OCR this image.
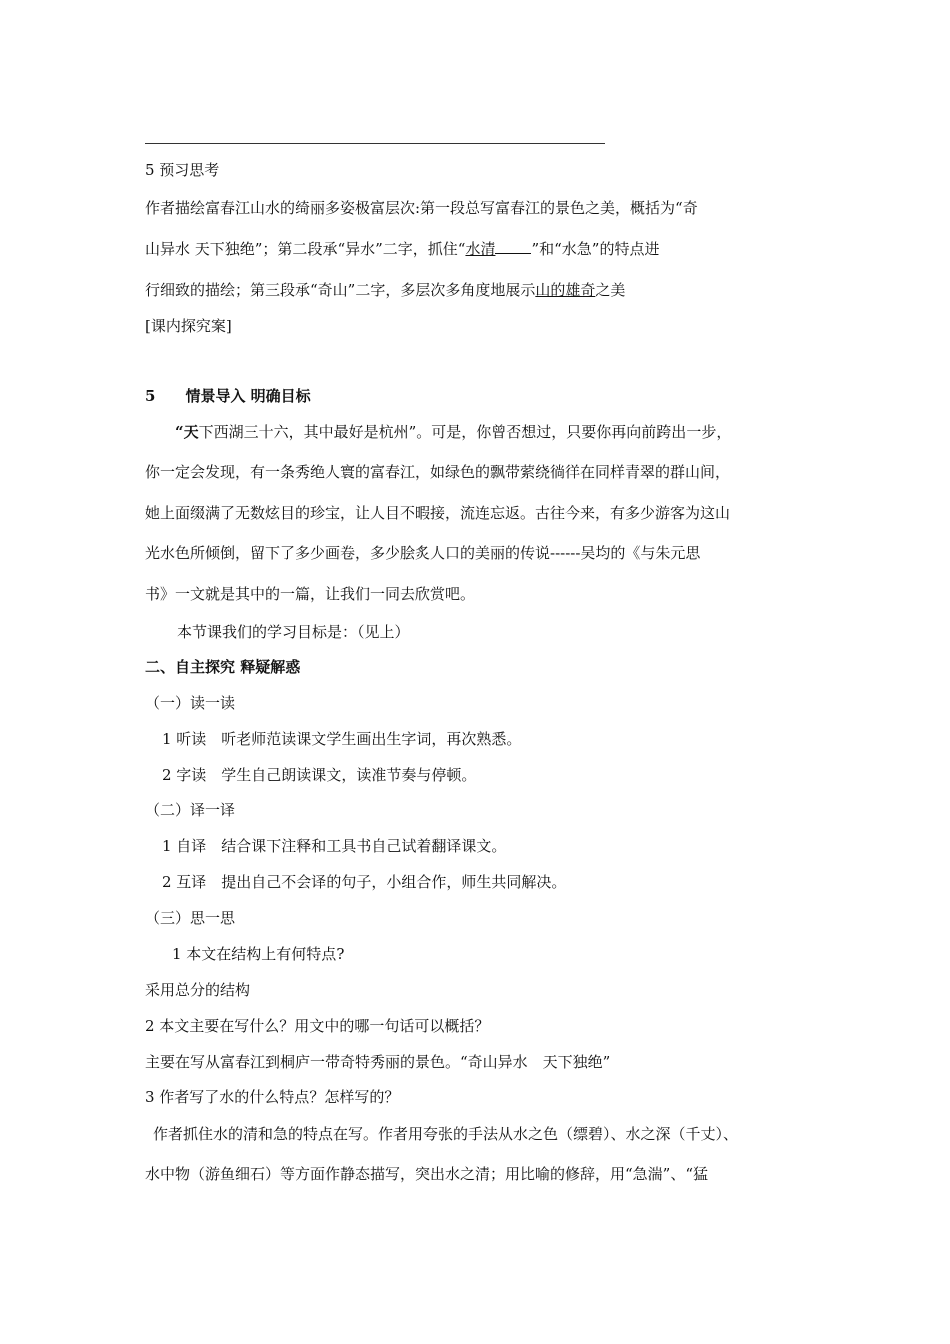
5 预习思考
作者描绘富春江山水的绮丽多姿极富层次:第一段总写富春江的景色之美，概括为“奇
山异水 天下独绝”；第二段承“异水”二字，抓住“水清 ”和“水急”的特点进
行细致的描绘；第三段承“奇山”二字，多层次多角度地展示山的雄奇之美
[课内探究案]
5 情景导入 明确目标
“天下西湖三十六，其中最好是杭州”。可是，你曾否想过，只要你再向前跨出一步，
你一定会发现，有一条秀绝人寰的富春江，如绿色的飘带萦绕徜徉在同样青翠的群山间，
她上面缀满了无数炫目的珍宝，让人目不暇接，流连忘返。古往今来，有多少游客为这山
光水色所倾倒，留下了多少画卷，多少脍炙人口的美丽的传说------吴均的《与朱元思
书》一文就是其中的一篇，让我们一同去欣赏吧。
本节课我们的学习目标是：（见上）
二、自主探究 释疑解惑
（一）读一读
1 听读　听老师范读课文学生画出生字词，再次熟悉。
2 字读　学生自己朗读课文，读准节奏与停顿。
（二）译一译
1 自译　结合课下注释和工具书自己试着翻译课文。
2 互译　提出自己不会译的句子，小组合作，师生共同解决。
（三）思一思
1 本文在结构上有何特点?
采用总分的结构
2 本文主要在写什么？用文中的哪一句话可以概括？
主要在写从富春江到桐庐一带奇特秀丽的景色。“奇山异水　天下独绝”
3 作者写了水的什么特点？怎样写的？
作者抓住水的清和急的特点在写。作者用夸张的手法从水之色（缥碧）、水之深（千丈）、
水中物（游鱼细石）等方面作静态描写，突出水之清；用比喻的修辞，用“急湍”、“猛
